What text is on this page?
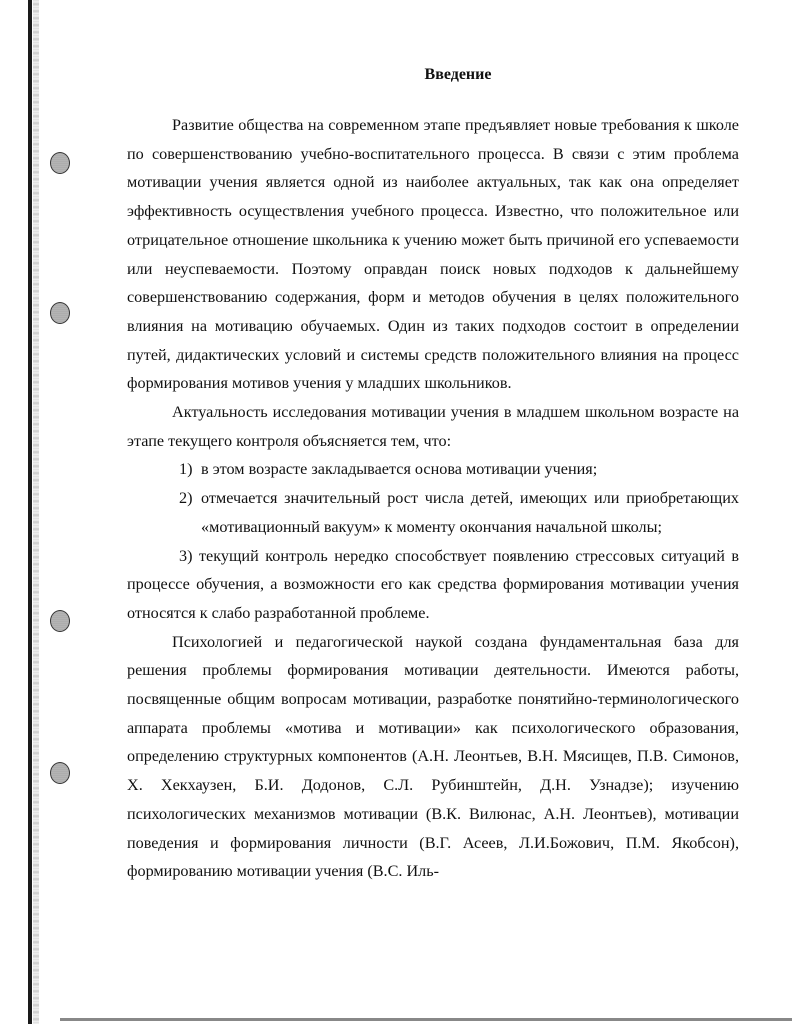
Введение

Развитие общества на современном этапе предъявляет новые требования к школе по совершенствованию учебно-воспитательного процесса. В связи с этим проблема мотивации учения является одной из наиболее актуальных, так как она определяет эффективность осуществления учебного процесса. Известно, что положительное или отрицательное отношение школьника к учению может быть причиной его успеваемости или неуспеваемости. Поэтому оправдан поиск новых подходов к дальнейшему совершенствованию содержания, форм и методов обучения в целях положительного влияния на мотивацию обучаемых. Один из таких подходов состоит в определении путей, дидактических условий и системы средств положительного влияния на процесс формирования мотивов учения у младших школьников.

Актуальность исследования мотивации учения в младшем школьном возрасте на этапе текущего контроля объясняется тем, что:

1) в этом возрасте закладывается основа мотивации учения;
2) отмечается значительный рост числа детей, имеющих или приобретающих «мотивационный вакуум» к моменту окончания начальной школы;
3) текущий контроль нередко способствует появлению стрессовых ситуаций в процессе обучения, а возможности его как средства формирования мотивации учения относятся к слабо разработанной проблеме.

Психологией и педагогической наукой создана фундаментальная база для решения проблемы формирования мотивации деятельности. Имеются работы, посвященные общим вопросам мотивации, разработке понятийно-терминологического аппарата проблемы «мотива и мотивации» как психологического образования, определению структурных компонентов (А.Н. Леонтьев, В.Н. Мясищев, П.В. Симонов, Х. Хекхаузен, Б.И. Додонов, С.Л. Рубинштейн, Д.Н. Узнадзе); изучению психологических механизмов мотивации (В.К. Вилюнас, А.Н. Леонтьев), мотивации поведения и формирования личности (В.Г. Асеев, Л.И.Божович, П.М. Якобсон), формированию мотивации учения (В.С. Иль-
